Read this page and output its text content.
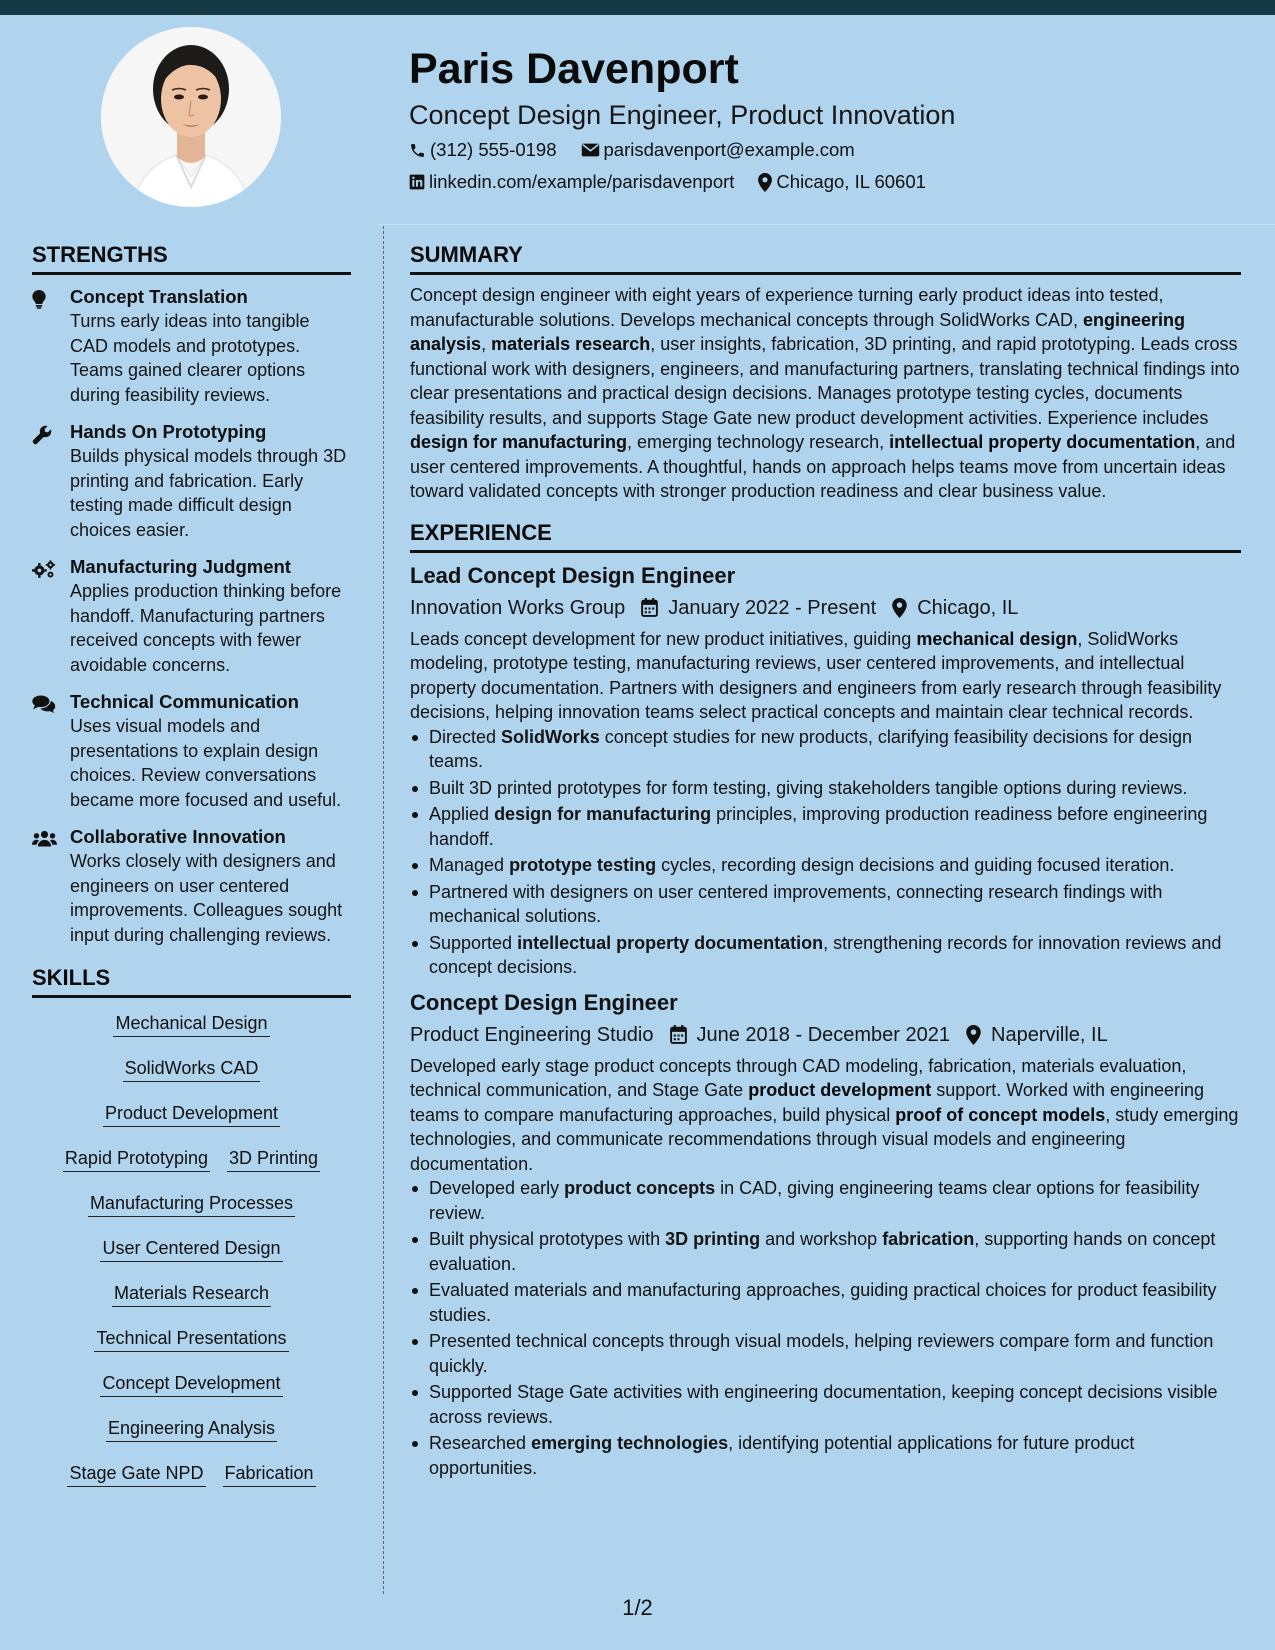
Paris Davenport
Concept Design Engineer, Product Innovation
(312) 555-0198	parisdavenport@example.com
linkedin.com/example/parisdavenport Chicago, IL 60601
STRENGTHS
Concept Translation
Turns early ideas into tangible CAD models and prototypes. Teams gained clearer options during feasibility reviews.
Hands On Prototyping
Builds physical models through 3D printing and fabrication. Early testing made difficult design choices easier.
Manufacturing Judgment
Applies production thinking before handoff. Manufacturing partners received concepts with fewer avoidable concerns.
Technical Communication
Uses visual models and presentations to explain design choices. Review conversations became more focused and useful.
Collaborative Innovation
Works closely with designers and engineers on user centered improvements. Colleagues sought input during challenging reviews.
SKILLS
Mechanical Design
SolidWorks CAD
Product Development
Rapid Prototyping 3D Printing
Manufacturing Processes
User Centered Design
Materials Research
Technical Presentations
Concept Development
Engineering Analysis
Stage Gate NPD Fabrication
SUMMARY
Concept design engineer with eight years of experience turning early product ideas into tested, manufacturable solutions. Develops mechanical concepts through SolidWorks CAD, engineering analysis, materials research, user insights, fabrication, 3D printing, and rapid prototyping. Leads cross functional work with designers, engineers, and manufacturing partners, translating technical findings into clear presentations and practical design decisions. Manages prototype testing cycles, documents feasibility results, and supports Stage Gate new product development activities. Experience includes design for manufacturing, emerging technology research, intellectual property documentation, and user centered improvements. A thoughtful, hands on approach helps teams move from uncertain ideas toward validated concepts with stronger production readiness and clear business value.
EXPERIENCE
Lead Concept Design Engineer
Innovation Works Group January 2022 - Present Chicago, IL
Leads concept development for new product initiatives, guiding mechanical design, SolidWorks modeling, prototype testing, manufacturing reviews, user centered improvements, and intellectual property documentation. Partners with designers and engineers from early research through feasibility decisions, helping innovation teams select practical concepts and maintain clear technical records.
Directed SolidWorks concept studies for new products, clarifying feasibility decisions for design teams.
Built 3D printed prototypes for form testing, giving stakeholders tangible options during reviews.
Applied design for manufacturing principles, improving production readiness before engineering handoff.
Managed prototype testing cycles, recording design decisions and guiding focused iteration.
Partnered with designers on user centered improvements, connecting research findings with mechanical solutions.
Supported intellectual property documentation, strengthening records for innovation reviews and concept decisions.
Concept Design Engineer
Product Engineering Studio June 2018 - December 2021 Naperville, IL
Developed early stage product concepts through CAD modeling, fabrication, materials evaluation, technical communication, and Stage Gate product development support. Worked with engineering teams to compare manufacturing approaches, build physical proof of concept models, study emerging technologies, and communicate recommendations through visual models and engineering documentation.
Developed early product concepts in CAD, giving engineering teams clear options for feasibility review.
Built physical prototypes with 3D printing and workshop fabrication, supporting hands on concept evaluation.
Evaluated materials and manufacturing approaches, guiding practical choices for product feasibility studies.
Presented technical concepts through visual models, helping reviewers compare form and function quickly.
Supported Stage Gate activities with engineering documentation, keeping concept decisions visible across reviews.
Researched emerging technologies, identifying potential applications for future product opportunities.
1/2
